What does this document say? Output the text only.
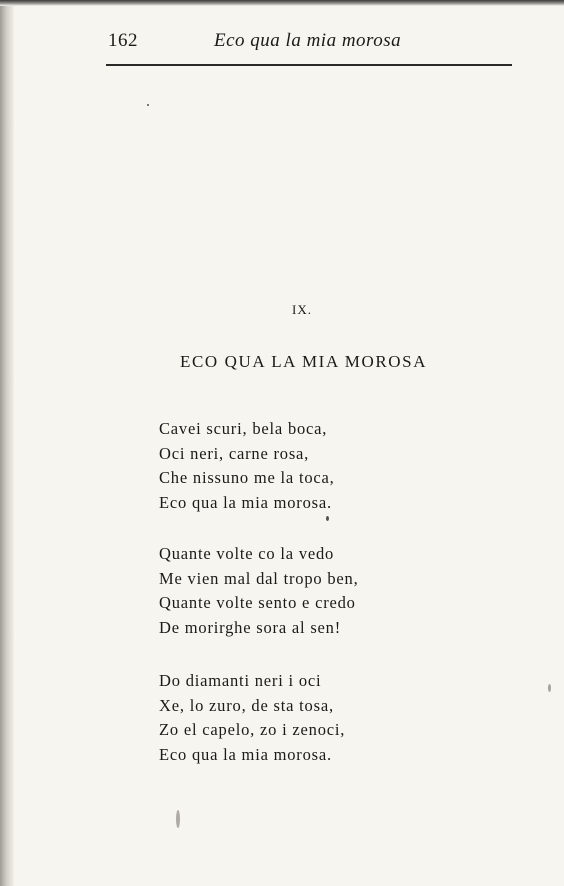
162	Eco qua la mia morosa
IX.
ECO QUA LA MIA MOROSA
Cavei scuri, bela boca,
Oci neri, carne rosa,
Che nissuno me la toca,
Eco qua la mia morosa.
Quante volte co la vedo
Me vien mal dal tropo ben,
Quante volte sento e credo
De morirghe sora al sen!
Do diamanti neri i oci
Xe, lo zuro, de sta tosa,
Zo el capelo, zo i zenoci,
Eco qua la mia morosa.
